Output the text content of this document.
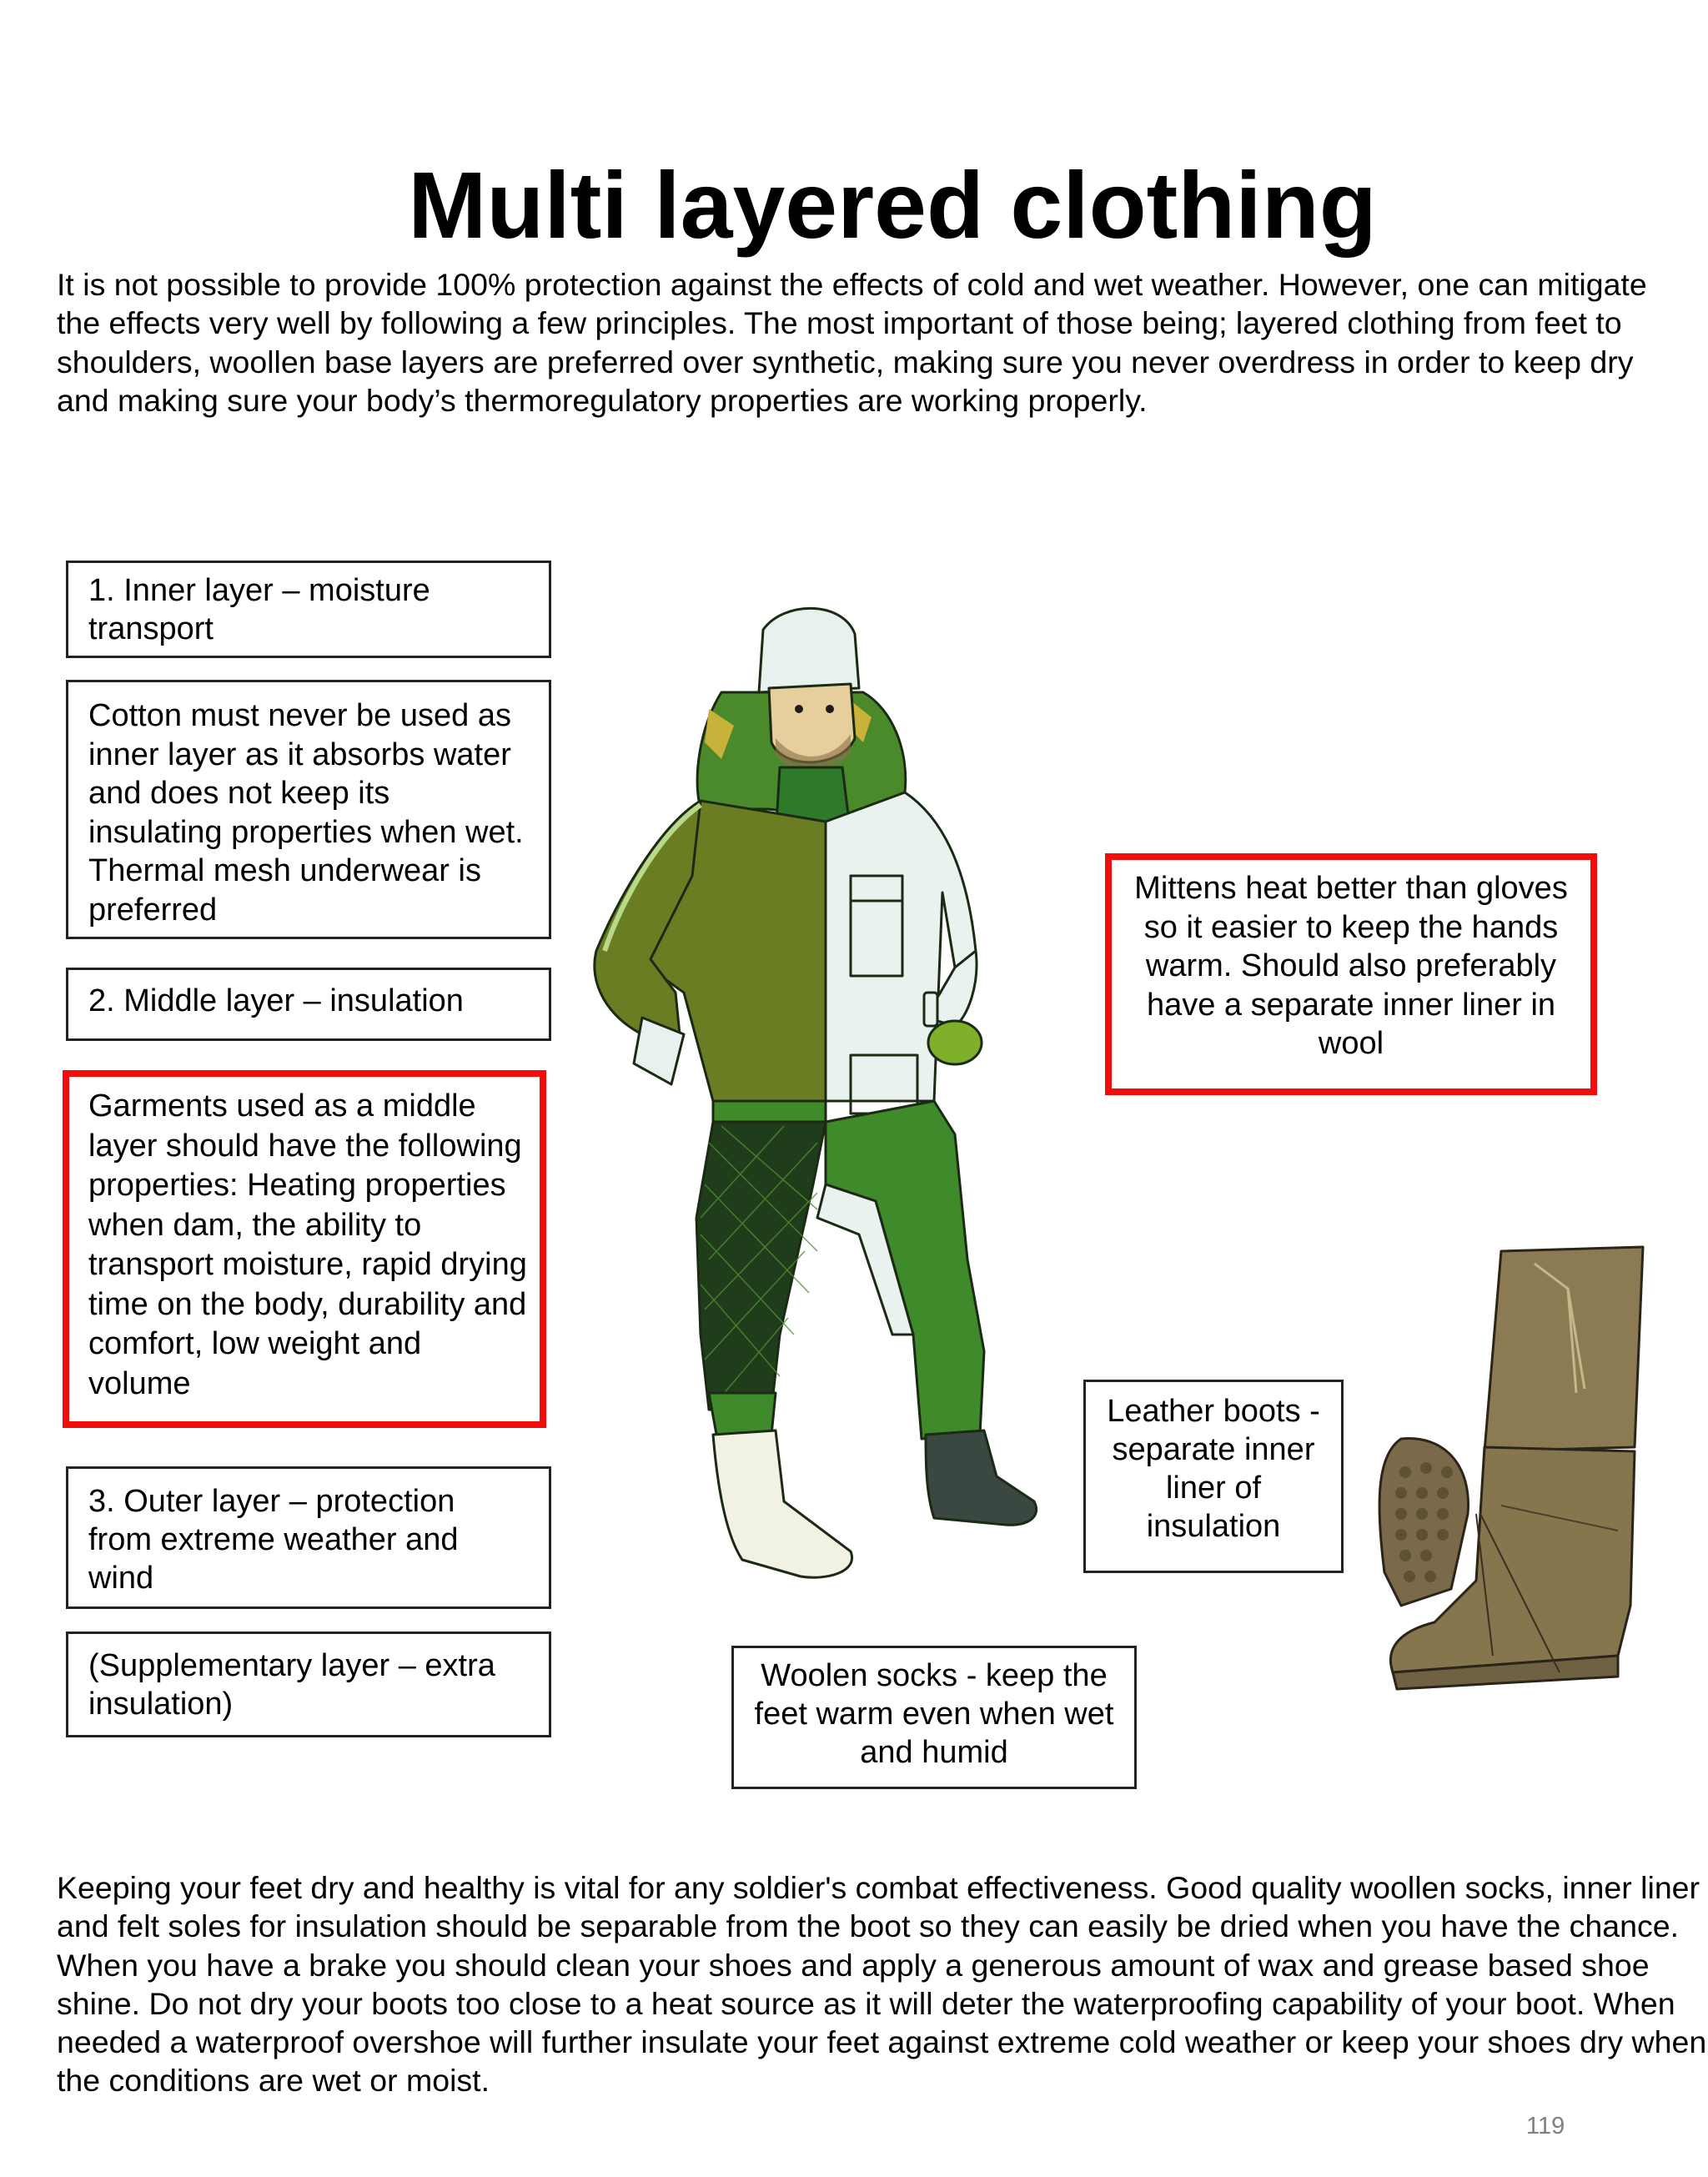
Multi layered clothing

It is not possible to provide 100% protection against the effects of cold and wet weather. However, one can mitigate the effects very well by following a few principles. The most important of those being; layered clothing from feet to shoulders, woollen base layers are preferred over synthetic, making sure you never overdress in order to keep dry and making sure your body’s thermoregulatory properties are working properly.

1. Inner layer – moisture transport
Cotton must never be used as inner layer as it absorbs water and does not keep its insulating properties when wet. Thermal mesh underwear is preferred
2. Middle layer – insulation
Garments used as a middle layer should have the following properties: Heating properties when dam, the ability to transport moisture, rapid drying time on the body, durability and comfort, low weight and volume
3. Outer layer – protection from extreme weather and wind
(Supplementary layer – extra insulation)
Mittens heat better than gloves so it easier to keep the hands warm. Should also preferably have a separate inner liner in wool
Leather boots - separate inner liner of insulation
Woolen socks - keep the feet warm even when wet and humid

Keeping your feet dry and healthy is vital for any soldier's combat effectiveness. Good quality woollen socks, inner liner and felt soles for insulation should be separable from the boot so they can easily be dried when you have the chance. When you have a brake you should clean your shoes and apply a generous amount of wax and grease based shoe shine. Do not dry your boots too close to a heat source as it will deter the waterproofing capability of your boot. When needed a waterproof overshoe will further insulate your feet against extreme cold weather or keep your shoes dry when the conditions are wet or moist.

119
